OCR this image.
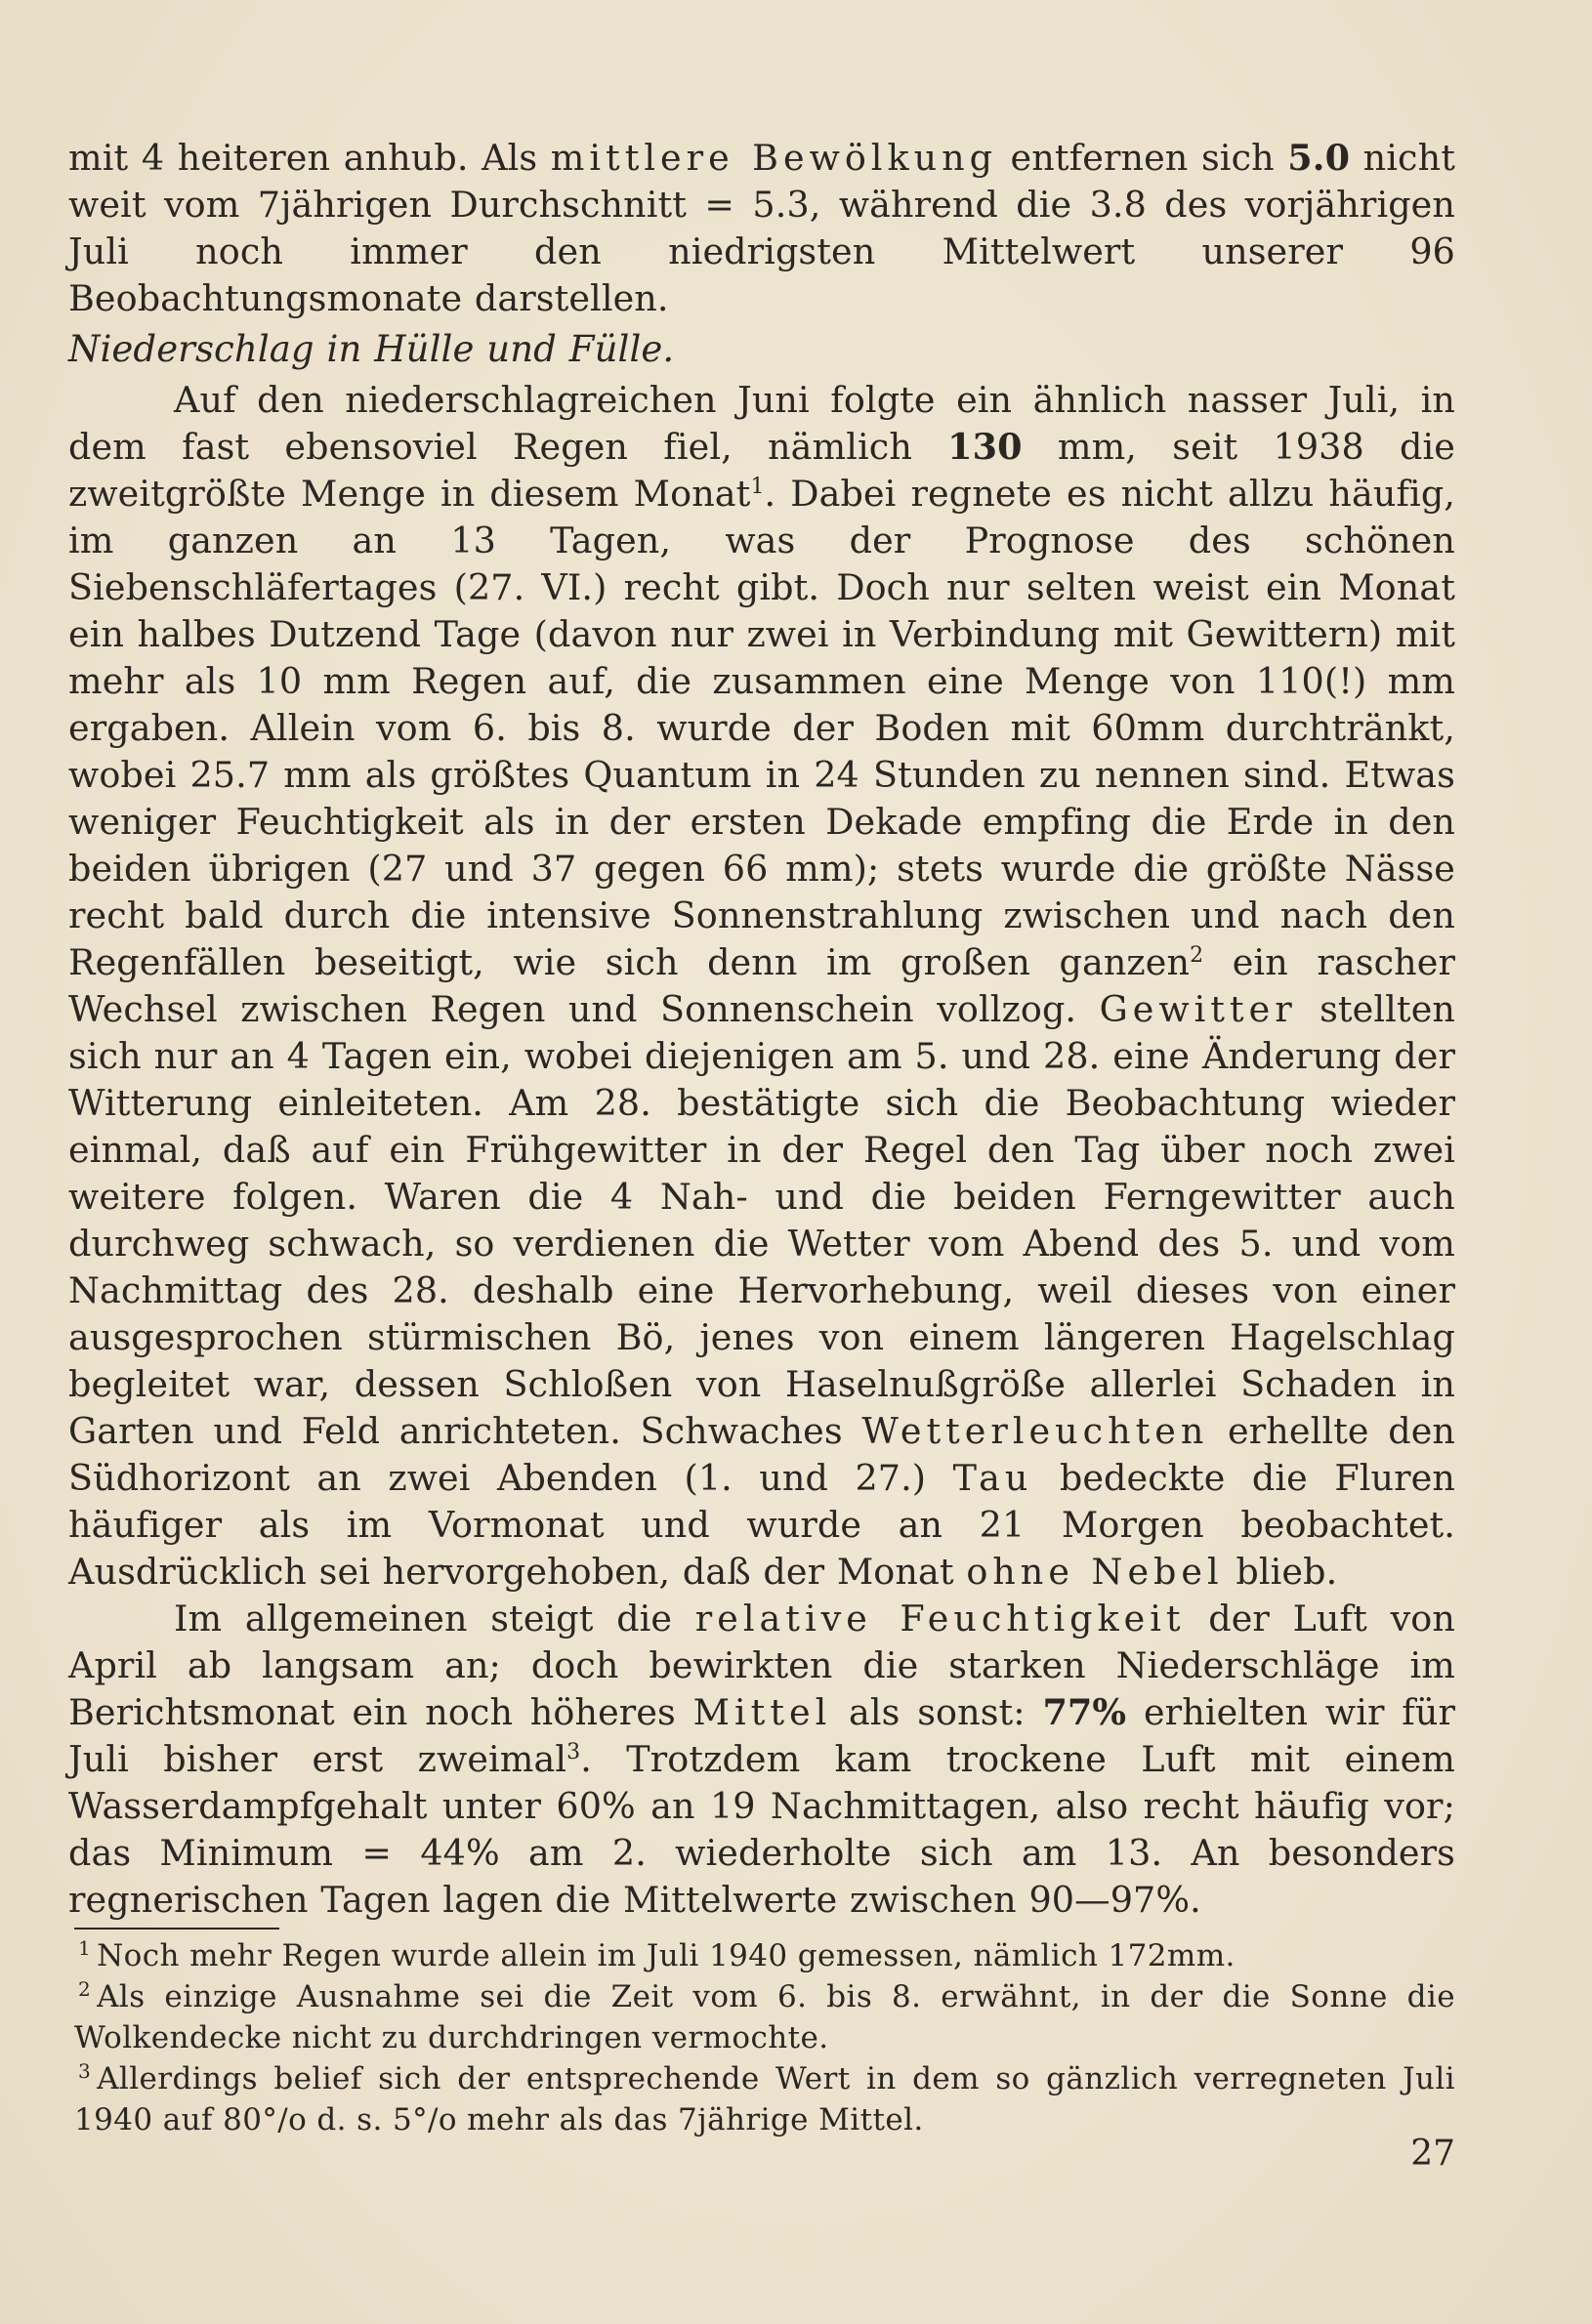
mit 4 heiteren anhub. Als mittlere Bewölkung entfernen sich 5.0 nicht weit vom 7jährigen Durchschnitt = 5.3, während die 3.8 des vorjährigen Juli noch immer den niedrigsten Mittelwert unserer 96 Beobachtungsmonate darstellen.

Niederschlag in Hülle und Fülle.

Auf den niederschlagreichen Juni folgte ein ähnlich nasser Juli, in dem fast ebensoviel Regen fiel, nämlich 130 mm, seit 1938 die zweitgrößte Menge in diesem Monat$^1$. Dabei regnete es nicht allzu häufig, im ganzen an 13 Tagen, was der Prognose des schönen Siebenschläfertages (27. VI.) recht gibt. Doch nur selten weist ein Monat ein halbes Dutzend Tage (davon nur zwei in Verbindung mit Gewittern) mit mehr als 10 mm Regen auf, die zusammen eine Menge von 110(!) mm ergaben. Allein vom 6. bis 8. wurde der Boden mit 60mm durchtränkt, wobei 25.7 mm als größtes Quantum in 24 Stunden zu nennen sind. Etwas weniger Feuchtigkeit als in der ersten Dekade empfing die Erde in den beiden übrigen (27 und 37 gegen 66 mm); stets wurde die größte Nässe recht bald durch die intensive Sonnenstrahlung zwischen und nach den Regenfällen beseitigt, wie sich denn im großen ganzen$^2$ ein rascher Wechsel zwischen Regen und Sonnenschein vollzog. Gewitter stellten sich nur an 4 Tagen ein, wobei diejenigen am 5. und 28. eine Änderung der Witterung einleiteten. Am 28. bestätigte sich die Beobachtung wieder einmal, daß auf ein Frühgewitter in der Regel den Tag über noch zwei weitere folgen. Waren die 4 Nah- und die beiden Ferngewitter auch durchweg schwach, so verdienen die Wetter vom Abend des 5. und vom Nachmittag des 28. deshalb eine Hervorhebung, weil dieses von einer ausgesprochen stürmischen Bö, jenes von einem längeren Hagelschlag begleitet war, dessen Schloßen von Haselnußgröße allerlei Schaden in Garten und Feld anrichteten. Schwaches Wetterleuchten erhellte den Südhorizont an zwei Abenden (1. und 27.) Tau bedeckte die Fluren häufiger als im Vormonat und wurde an 21 Morgen beobachtet. Ausdrücklich sei hervorgehoben, daß der Monat ohne Nebel blieb.

Im allgemeinen steigt die relative Feuchtigkeit der Luft von April ab langsam an; doch bewirkten die starken Niederschläge im Berichtsmonat ein noch höheres Mittel als sonst: 77% erhielten wir für Juli bisher erst zweimal$^3$. Trotzdem kam trockene Luft mit einem Wasserdampfgehalt unter 60% an 19 Nachmittagen, also recht häufig vor; das Minimum = 44% am 2. wiederholte sich am 13. An besonders regnerischen Tagen lagen die Mittelwerte zwischen 90—97%.

$^1$ Noch mehr Regen wurde allein im Juli 1940 gemessen, nämlich 172mm.

$^2$ Als einzige Ausnahme sei die Zeit vom 6. bis 8. erwähnt, in der die Sonne die Wolkendecke nicht zu durchdringen vermochte.

$^3$ Allerdings belief sich der entsprechende Wert in dem so gänzlich verregneten Juli 1940 auf 80°/o d. s. 5°/o mehr als das 7jährige Mittel.

27
